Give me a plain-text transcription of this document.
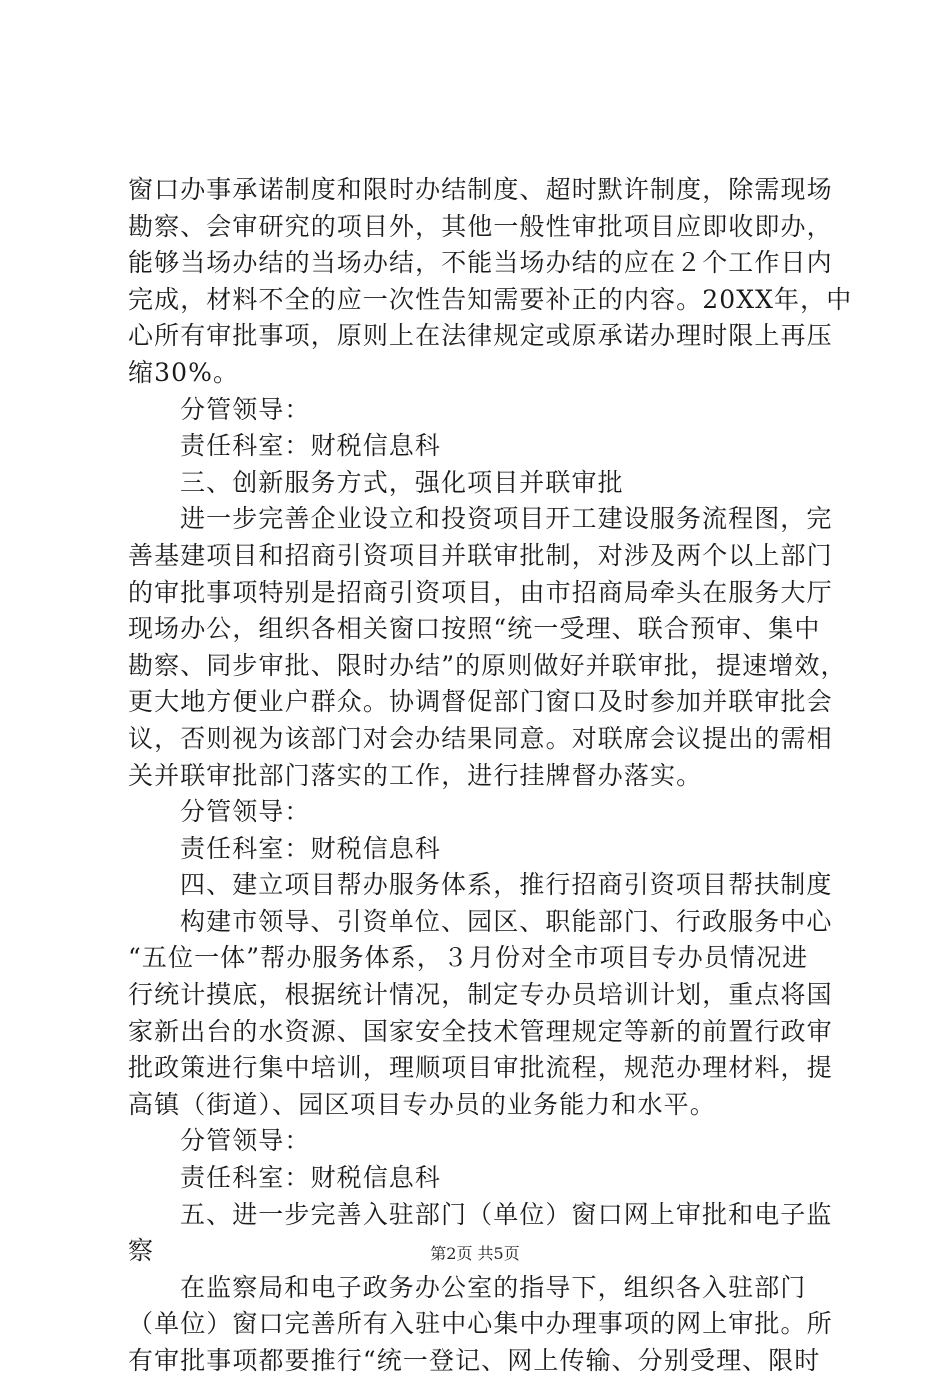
窗口办事承诺制度和限时办结制度、超时默许制度，除需现场
勘察、会审研究的项目外，其他一般性审批项目应即收即办，
能够当场办结的当场办结，不能当场办结的应在２个工作日内
完成，材料不全的应一次性告知需要补正的内容。20XX年，中
心所有审批事项，原则上在法律规定或原承诺办理时限上再压
缩30%。
分管领导：
责任科室：财税信息科
三、创新服务方式，强化项目并联审批
进一步完善企业设立和投资项目开工建设服务流程图，完
善基建项目和招商引资项目并联审批制，对涉及两个以上部门
的审批事项特别是招商引资项目，由市招商局牵头在服务大厅
现场办公，组织各相关窗口按照“统一受理、联合预审、集中
勘察、同步审批、限时办结”的原则做好并联审批，提速增效，
更大地方便业户群众。协调督促部门窗口及时参加并联审批会
议，否则视为该部门对会办结果同意。对联席会议提出的需相
关并联审批部门落实的工作，进行挂牌督办落实。
分管领导：
责任科室：财税信息科
四、建立项目帮办服务体系，推行招商引资项目帮扶制度
构建市领导、引资单位、园区、职能部门、行政服务中心
“五位一体”帮办服务体系，３月份对全市项目专办员情况进
行统计摸底，根据统计情况，制定专办员培训计划，重点将国
家新出台的水资源、国家安全技术管理规定等新的前置行政审
批政策进行集中培训，理顺项目审批流程，规范办理材料，提
高镇（街道）、园区项目专办员的业务能力和水平。
分管领导：
责任科室：财税信息科
五、进一步完善入驻部门（单位）窗口网上审批和电子监
察
在监察局和电子政务办公室的指导下，组织各入驻部门
（单位）窗口完善所有入驻中心集中办理事项的网上审批。所
有审批事项都要推行“统一登记、网上传输、分别受理、限时
第2页 共5页
